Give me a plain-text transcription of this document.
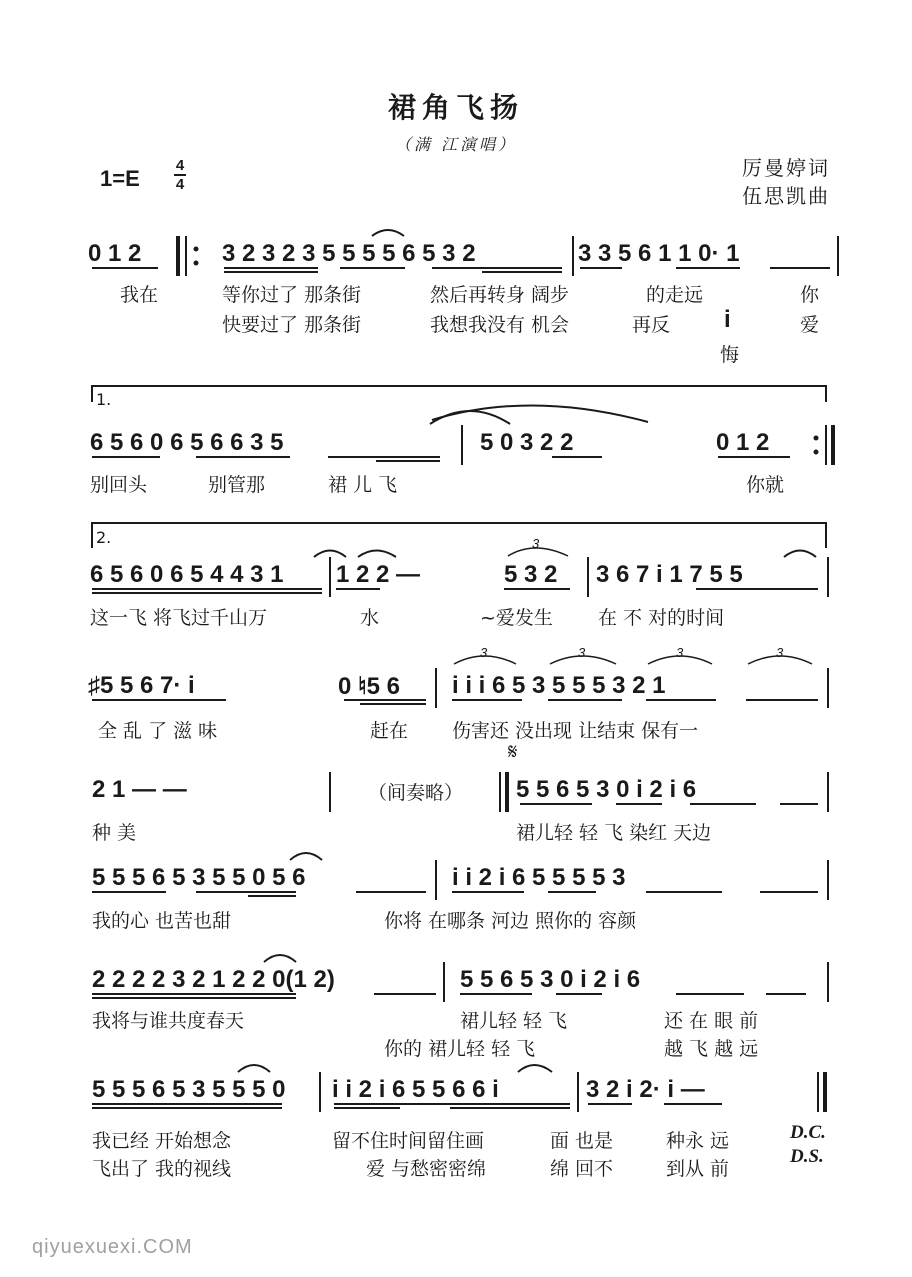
裙角飞扬
（满 江演唱）
厉曼婷词
伍思凯曲
1=E
4
4
3
3	3	3	3
0 1 2	3 2 3 2 3 5 5 5 5 6 5 3 2	3 3 5 6 1 1 0· 1
我在	等你过了 那条街	然后再转身 阔步	的走远	你
快要过了 那条街	我想我没有 机会	再反	爱
i
悔
1.
6 5 6 0 6 5 6 6 3 5	5 0 3 2 2	0 1 2
别回头	别管那	裙 儿 飞	你就
2.
6 5 6 0 6 5 4 4 3 1 1 2 2 —	5 3 2 3 6 7 i 1 7 5 5
这一飞 将飞过千山万	水	~爱发生 在 不 对的时间
♯5 5 6 7· i	0 ♮5 6 i i i 6 5 3 5 5 5 3 2 1
全 乱 了 滋 味	赶在 伤害还 没出现 让结束 保有一
2 1 — —	（间奏略） 5 5 6 5 3 0 i 2 i 6
𝄋
种 美	裙儿轻 轻 飞 染红 天边
5 5 5 6 5 3 5 5 0 5 6	i i 2 i 6 5 5 5 5 3
我的心 也苦也甜	你将 在哪条 河边 照你的 容颜
2 2 2 2 3 2 1 2 2 0(1 2)	5 5 6 5 3 0 i 2 i 6
我将与谁共度春天	裙儿轻 轻 飞	还 在 眼 前
你的 裙儿轻 轻 飞	越 飞 越 远
5 5 5 6 5 3 5 5 5 0 i i 2 i 6 5 5 6 6 i	3 2 i 2· i —
我已经 开始想念	留不住时间留住画	面 也是	种永 远
飞出了 我的视线	爱 与愁密密绵	绵 回不	到从 前
D.C.
D.S.
qiyuexuexi.COM
